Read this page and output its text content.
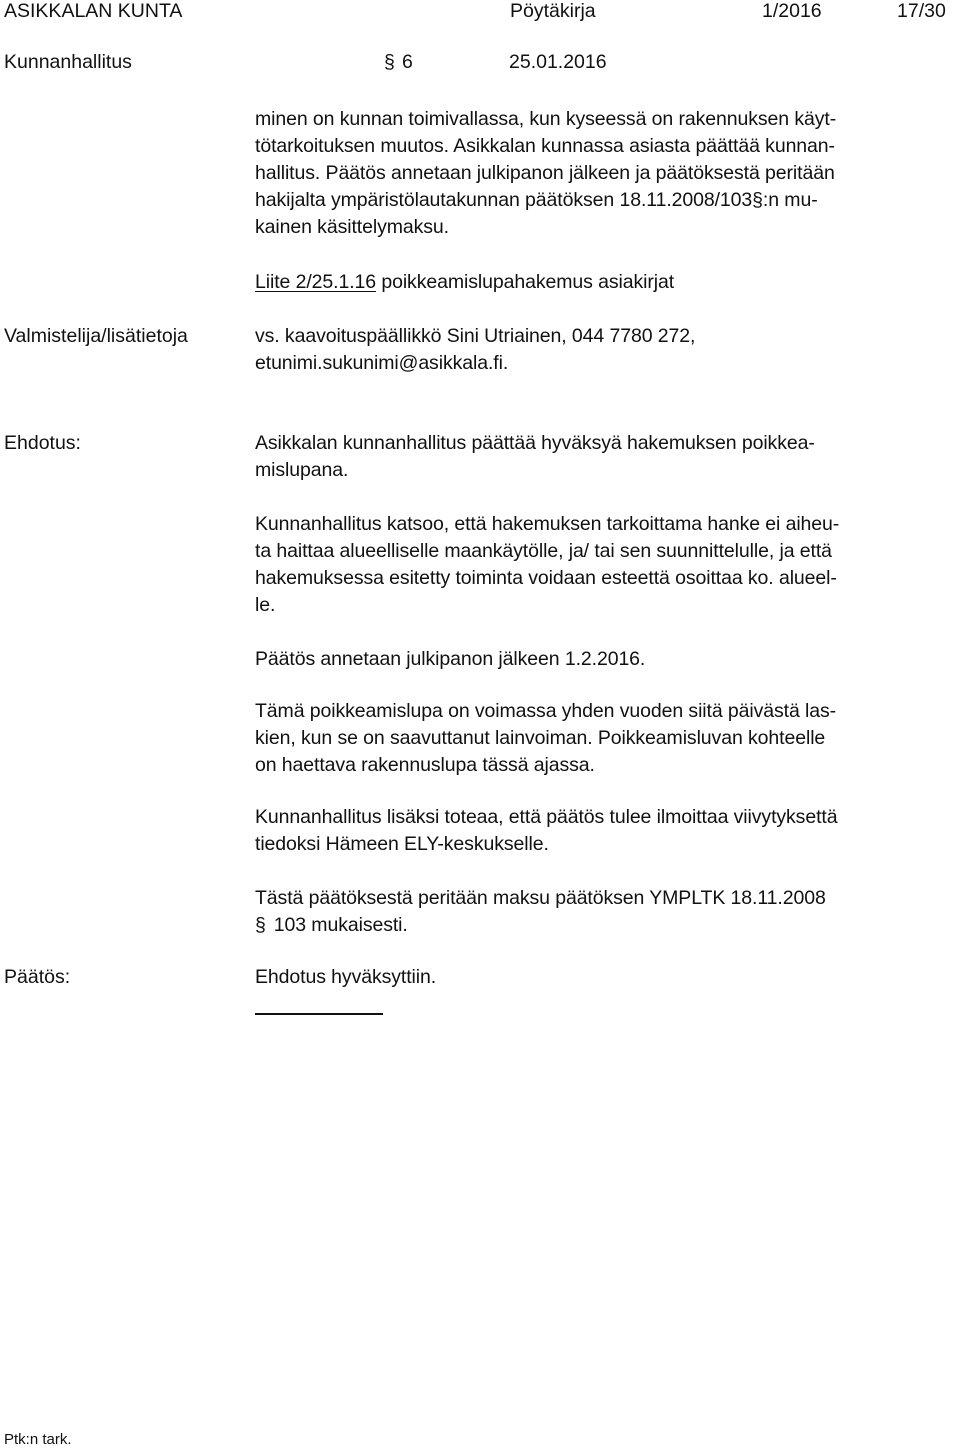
ASIKKALAN KUNTA	Pöytäkirja	1/2016	17/30
Kunnanhallitus	§ 6	25.01.2016
minen on kunnan toimivallassa, kun kyseessä on rakennuksen käyt-
tötarkoituksen muutos. Asikkalan kunnassa asiasta päättää kunnan-
hallitus. Päätös annetaan julkipanon jälkeen ja päätöksestä peritään
hakijalta ympäristölautakunnan päätöksen 18.11.2008/103§:n mu-
kainen käsittelymaksu.
Liite 2/25.1.16 poikkeamislupahakemus asiakirjat
Valmistelija/lisätietoja	vs. kaavoituspäällikkö Sini Utriainen, 044 7780 272,
etunimi.sukunimi@asikkala.fi.
Ehdotus:	Asikkalan kunnanhallitus päättää hyväksyä hakemuksen poikkea-
mislupana.
Kunnanhallitus katsoo, että hakemuksen tarkoittama hanke ei aiheu-
ta haittaa alueelliselle maankäytölle, ja/ tai sen suunnittelulle, ja että
hakemuksessa esitetty toiminta voidaan esteettä osoittaa ko. alueel-
le.
Päätös annetaan julkipanon jälkeen 1.2.2016.
Tämä poikkeamislupa on voimassa yhden vuoden siitä päivästä las-
kien, kun se on saavuttanut lainvoiman. Poikkeamisluvan kohteelle
on haettava rakennuslupa tässä ajassa.
Kunnanhallitus lisäksi toteaa, että päätös tulee ilmoittaa viivytyksettä
tiedoksi Hämeen ELY-keskukselle.
Tästä päätöksestä peritään maksu päätöksen YMPLTK 18.11.2008
§ 103 mukaisesti.
Päätös:	Ehdotus hyväksyttiin.
Ptk:n tark.
